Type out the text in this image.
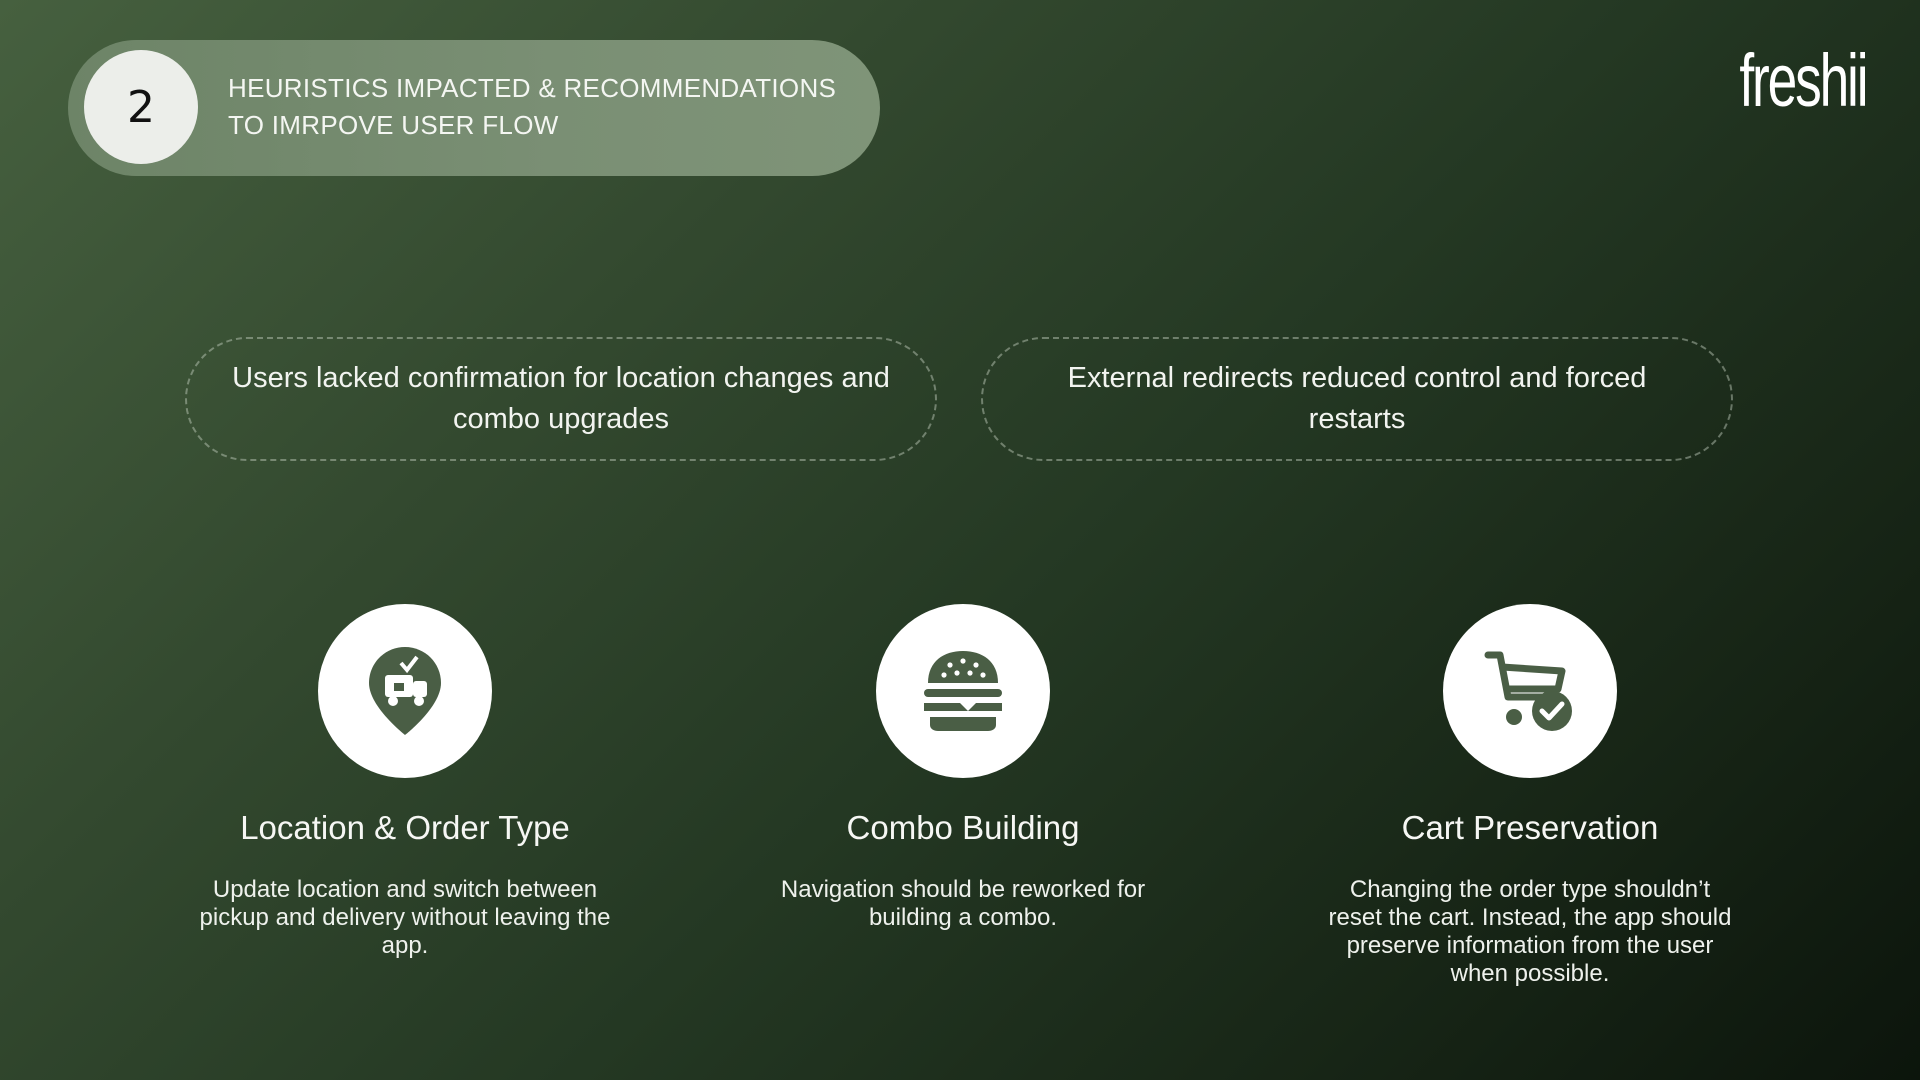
2	HEURISTICS IMPACTED & RECOMMENDATIONS
TO IMRPOVE USER FLOW
freshii
Users lacked confirmation for location changes and combo upgrades
External redirects reduced control and forced restarts
Location & Order Type
Update location and switch between pickup and delivery without leaving the app.
Combo Building
Navigation should be reworked for building a combo.
Cart Preservation
Changing the order type shouldn’t reset the cart. Instead, the app should preserve information from the user when possible.
